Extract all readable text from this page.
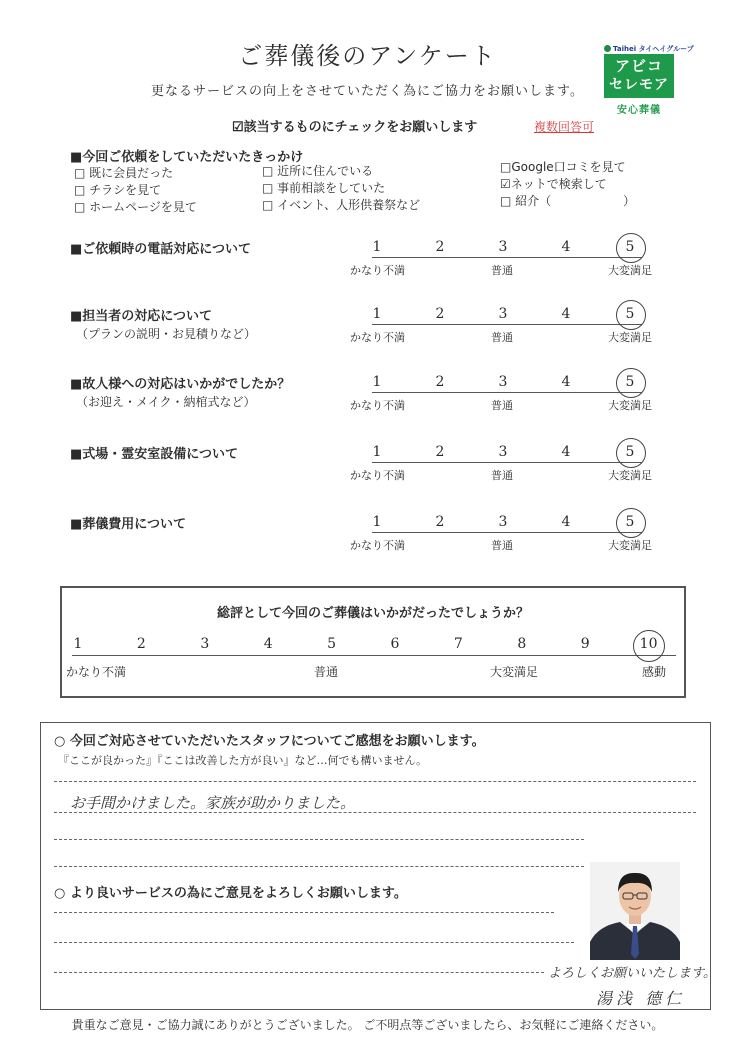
ご葬儀後のアンケート
更なるサービスの向上をさせていただく為にご協力をお願いします。
Taihei タイヘイグループ
アビコ
セレモア
安心葬儀
☑該当するものにチェックをお願いします	複数回答可
■今回ご依頼をしていただいたきっかけ
□ 既に会員だった
□ チラシを見て
□ ホームページを見て
□ 近所に住んでいる
□ 事前相談をしていた
□ イベント、人形供養祭など
□Google口コミを見て
☑ネットで検索して
□ 紹介（　　　　　　）
■ご依頼時の電話対応について	1	2	3	4	5
かなり不満	普通	大変満足
■担当者の対応について
（プランの説明・お見積りなど）
1	2	3	4	5
かなり不満	普通	大変満足
■故人様への対応はいかがでしたか？
（お迎え・メイク・納棺式など）
1	2	3	4	5
かなり不満	普通	大変満足
■式場・霊安室設備について	1	2	3	4	5
かなり不満	普通	大変満足
■葬儀費用について	1	2	3	4	5
かなり不満	普通	大変満足
総評として今回のご葬儀はいかがだったでしょうか？
1	2	3	4	5	6	7	8	9	10
かなり不満	普通	大変満足	感動
○ 今回ご対応させていただいたスタッフについてご感想をお願いします。
『ここが良かった』『ここは改善した方が良い』など…何でも構いません。
お手間かけました。家族が助かりました。
○ より良いサービスの為にご意見をよろしくお願いします。
よろしくお願いいたします。
湯浅 德仁
貴重なご意見・ご協力誠にありがとうございました。 ご不明点等ございましたら、お気軽にご連絡ください。
